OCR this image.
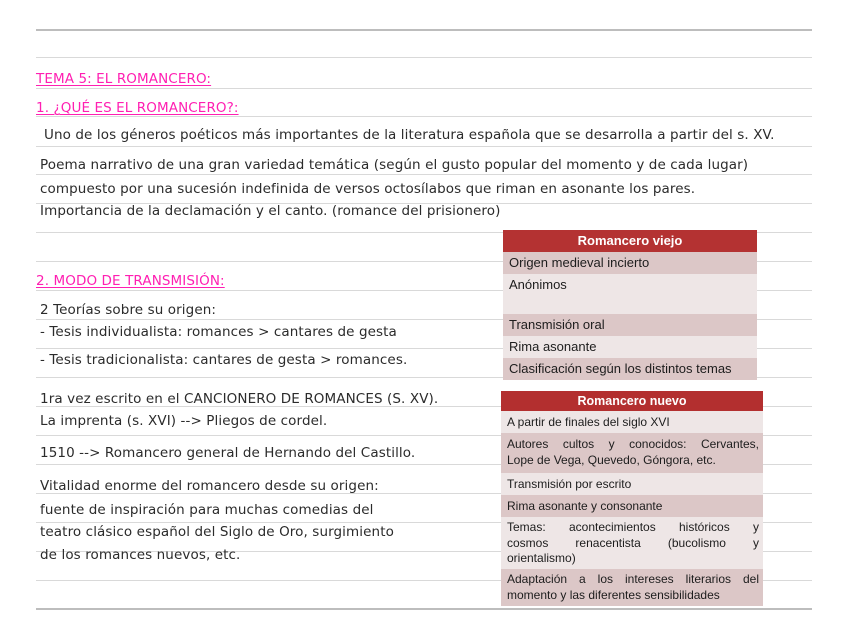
TEMA 5: EL ROMANCERO:
1. ¿QUÉ ES EL ROMANCERO?:
Uno de los géneros poéticos más importantes de la literatura española que se desarrolla a partir del s. XV.
Poema narrativo de una gran variedad temática (según el gusto popular del momento y de cada lugar)
compuesto por una sucesión indefinida de versos octosílabos que riman en asonante los pares.
Importancia de la declamación y el canto. (romance del prisionero)
2. MODO DE TRANSMISIÓN:
2 Teorías sobre su origen:
- Tesis individualista: romances > cantares de gesta
- Tesis tradicionalista: cantares de gesta > romances.
1ra vez escrito en el CANCIONERO DE ROMANCES (S. XV).
La imprenta (s. XVI) --> Pliegos de cordel.
1510 --> Romancero general de Hernando del Castillo.
Vitalidad enorme del romancero desde su origen:
fuente de inspiración para muchas comedias del
teatro clásico español del Siglo de Oro, surgimiento
de los romances nuevos, etc.
Romancero viejo
Origen medieval incierto
Anónimos
Transmisión oral
Rima asonante
Clasificación según los distintos temas
Romancero nuevo
A partir de finales del siglo XVI
Autores cultos y conocidos: Cervantes,
Lope de Vega, Quevedo, Góngora, etc.
Transmisión por escrito
Rima asonante y consonante
Temas: acontecimientos históricos y
cosmos renacentista (bucolismo y
orientalismo)
Adaptación a los intereses literarios del
momento y las diferentes sensibilidades
